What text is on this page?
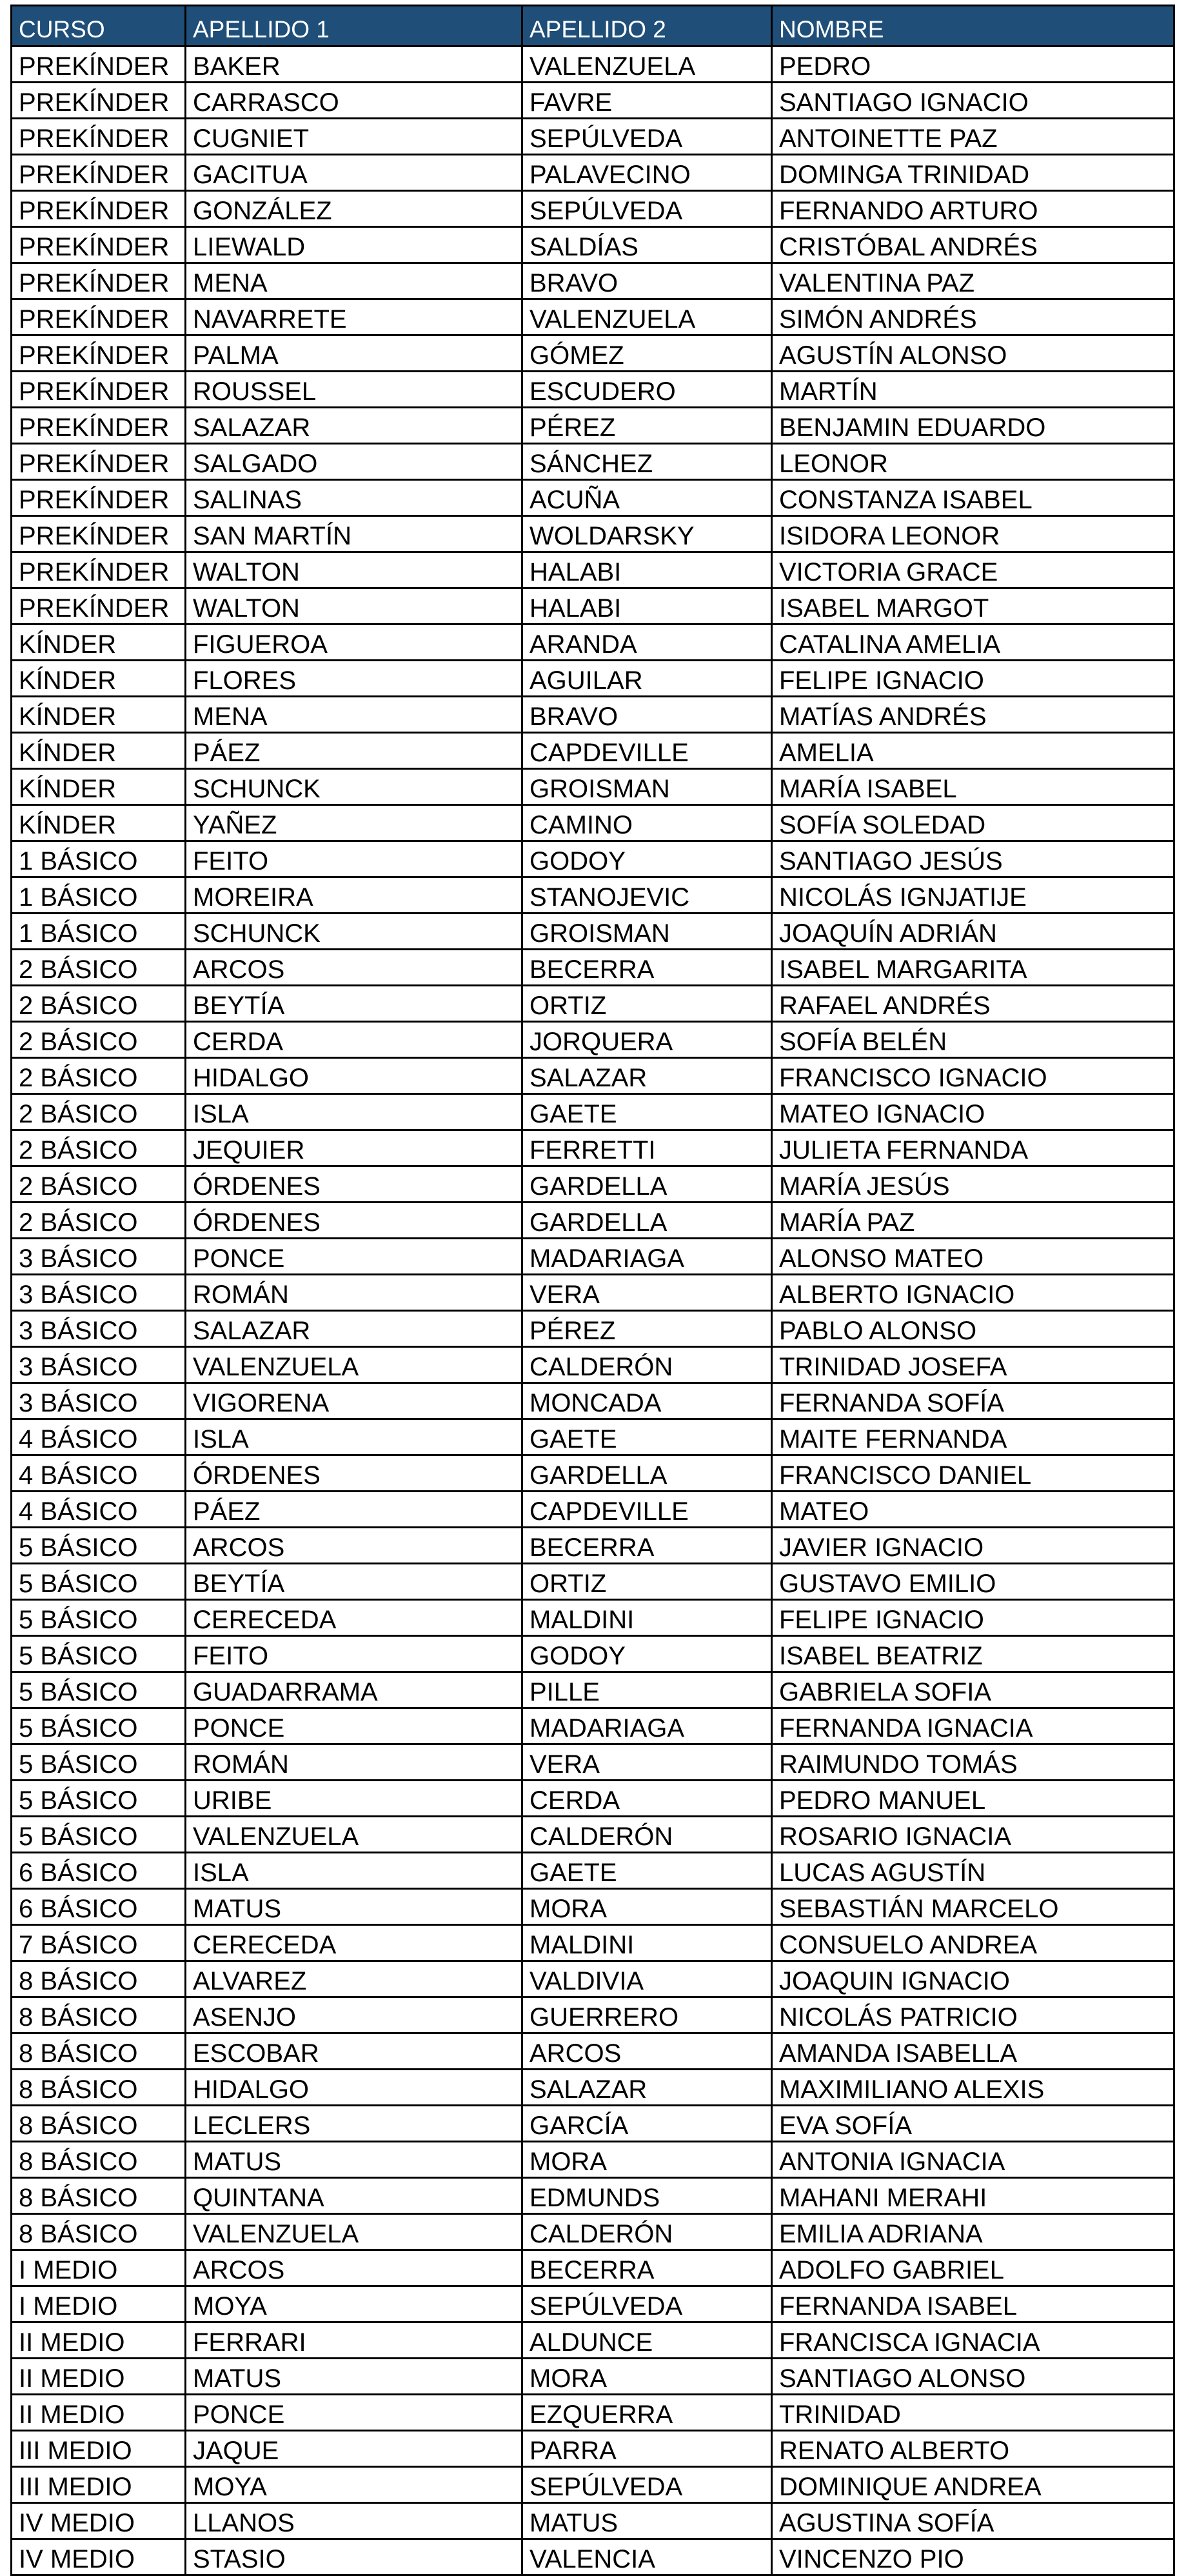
CURSO	APELLIDO 1	APELLIDO 2	NOMBRE
PREKÍNDER	BAKER	VALENZUELA	PEDRO
PREKÍNDER	CARRASCO	FAVRE	SANTIAGO IGNACIO
PREKÍNDER	CUGNIET	SEPÚLVEDA	ANTOINETTE PAZ
PREKÍNDER	GACITUA	PALAVECINO	DOMINGA TRINIDAD
PREKÍNDER	GONZÁLEZ	SEPÚLVEDA	FERNANDO ARTURO
PREKÍNDER	LIEWALD	SALDÍAS	CRISTÓBAL ANDRÉS
PREKÍNDER	MENA	BRAVO	VALENTINA PAZ
PREKÍNDER	NAVARRETE	VALENZUELA	SIMÓN ANDRÉS
PREKÍNDER	PALMA	GÓMEZ	AGUSTÍN ALONSO
PREKÍNDER	ROUSSEL	ESCUDERO	MARTÍN
PREKÍNDER	SALAZAR	PÉREZ	BENJAMIN EDUARDO
PREKÍNDER	SALGADO	SÁNCHEZ	LEONOR
PREKÍNDER	SALINAS	ACUÑA	CONSTANZA ISABEL
PREKÍNDER	SAN MARTÍN	WOLDARSKY	ISIDORA LEONOR
PREKÍNDER	WALTON	HALABI	VICTORIA GRACE
PREKÍNDER	WALTON	HALABI	ISABEL MARGOT
KÍNDER	FIGUEROA	ARANDA	CATALINA AMELIA
KÍNDER	FLORES	AGUILAR	FELIPE IGNACIO
KÍNDER	MENA	BRAVO	MATÍAS ANDRÉS
KÍNDER	PÁEZ	CAPDEVILLE	AMELIA
KÍNDER	SCHUNCK	GROISMAN	MARÍA ISABEL
KÍNDER	YAÑEZ	CAMINO	SOFÍA SOLEDAD
1 BÁSICO	FEITO	GODOY	SANTIAGO JESÚS
1 BÁSICO	MOREIRA	STANOJEVIC	NICOLÁS IGNJATIJE
1 BÁSICO	SCHUNCK	GROISMAN	JOAQUÍN ADRIÁN
2 BÁSICO	ARCOS	BECERRA	ISABEL MARGARITA
2 BÁSICO	BEYTÍA	ORTIZ	RAFAEL ANDRÉS
2 BÁSICO	CERDA	JORQUERA	SOFÍA BELÉN
2 BÁSICO	HIDALGO	SALAZAR	FRANCISCO IGNACIO
2 BÁSICO	ISLA	GAETE	MATEO IGNACIO
2 BÁSICO	JEQUIER	FERRETTI	JULIETA FERNANDA
2 BÁSICO	ÓRDENES	GARDELLA	MARÍA JESÚS
2 BÁSICO	ÓRDENES	GARDELLA	MARÍA PAZ
3 BÁSICO	PONCE	MADARIAGA	ALONSO MATEO
3 BÁSICO	ROMÁN	VERA	ALBERTO IGNACIO
3 BÁSICO	SALAZAR	PÉREZ	PABLO ALONSO
3 BÁSICO	VALENZUELA	CALDERÓN	TRINIDAD JOSEFA
3 BÁSICO	VIGORENA	MONCADA	FERNANDA SOFÍA
4 BÁSICO	ISLA	GAETE	MAITE FERNANDA
4 BÁSICO	ÓRDENES	GARDELLA	FRANCISCO DANIEL
4 BÁSICO	PÁEZ	CAPDEVILLE	MATEO
5 BÁSICO	ARCOS	BECERRA	JAVIER IGNACIO
5 BÁSICO	BEYTÍA	ORTIZ	GUSTAVO EMILIO
5 BÁSICO	CERECEDA	MALDINI	FELIPE IGNACIO
5 BÁSICO	FEITO	GODOY	ISABEL BEATRIZ
5 BÁSICO	GUADARRAMA	PILLE	GABRIELA SOFIA
5 BÁSICO	PONCE	MADARIAGA	FERNANDA IGNACIA
5 BÁSICO	ROMÁN	VERA	RAIMUNDO TOMÁS
5 BÁSICO	URIBE	CERDA	PEDRO MANUEL
5 BÁSICO	VALENZUELA	CALDERÓN	ROSARIO IGNACIA
6 BÁSICO	ISLA	GAETE	LUCAS AGUSTÍN
6 BÁSICO	MATUS	MORA	SEBASTIÁN MARCELO
7 BÁSICO	CERECEDA	MALDINI	CONSUELO ANDREA
8 BÁSICO	ALVAREZ	VALDIVIA	JOAQUIN IGNACIO
8 BÁSICO	ASENJO	GUERRERO	NICOLÁS PATRICIO
8 BÁSICO	ESCOBAR	ARCOS	AMANDA ISABELLA
8 BÁSICO	HIDALGO	SALAZAR	MAXIMILIANO ALEXIS
8 BÁSICO	LECLERS	GARCÍA	EVA SOFÍA
8 BÁSICO	MATUS	MORA	ANTONIA IGNACIA
8 BÁSICO	QUINTANA	EDMUNDS	MAHANI MERAHI
8 BÁSICO	VALENZUELA	CALDERÓN	EMILIA ADRIANA
I MEDIO	ARCOS	BECERRA	ADOLFO GABRIEL
I MEDIO	MOYA	SEPÚLVEDA	FERNANDA ISABEL
II MEDIO	FERRARI	ALDUNCE	FRANCISCA IGNACIA
II MEDIO	MATUS	MORA	SANTIAGO ALONSO
II MEDIO	PONCE	EZQUERRA	TRINIDAD
III MEDIO	JAQUE	PARRA	RENATO ALBERTO
III MEDIO	MOYA	SEPÚLVEDA	DOMINIQUE ANDREA
IV MEDIO	LLANOS	MATUS	AGUSTINA SOFÍA
IV MEDIO	STASIO	VALENCIA	VINCENZO PIO
